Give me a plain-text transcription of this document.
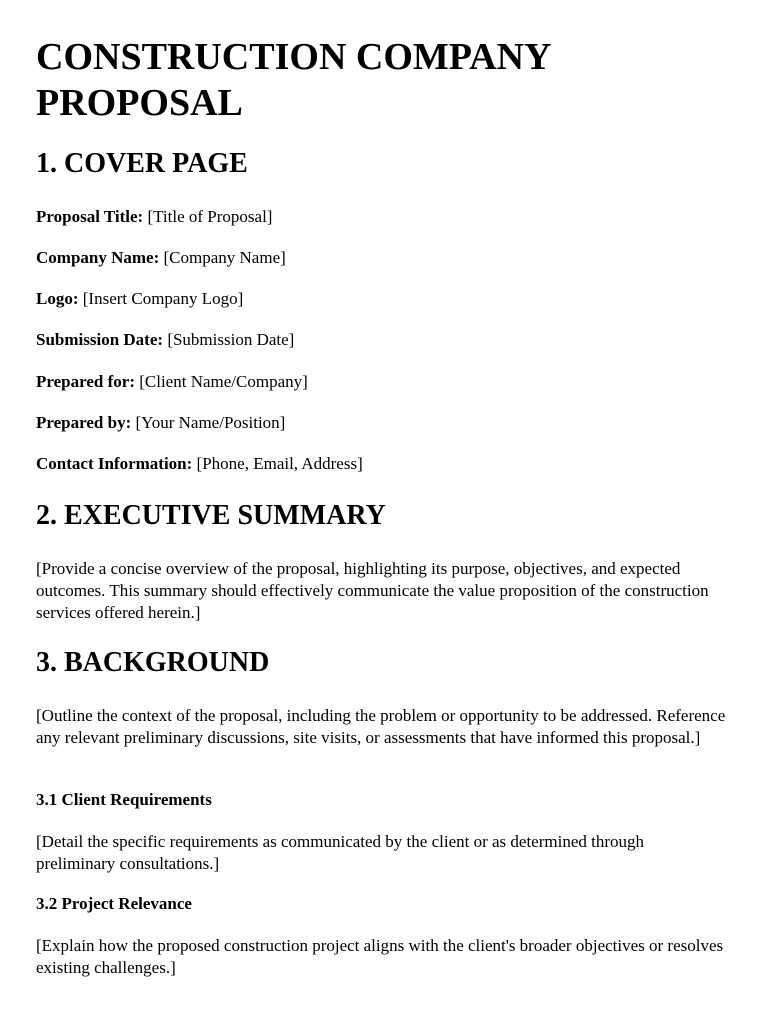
CONSTRUCTION COMPANY PROPOSAL
1. COVER PAGE
Proposal Title: [Title of Proposal]
Company Name: [Company Name]
Logo: [Insert Company Logo]
Submission Date: [Submission Date]
Prepared for: [Client Name/Company]
Prepared by: [Your Name/Position]
Contact Information: [Phone, Email, Address]
2. EXECUTIVE SUMMARY

[Provide a concise overview of the proposal, highlighting its purpose, objectives, and expected outcomes. This summary should effectively communicate the value proposition of the construction services offered herein.]

3. BACKGROUND

[Outline the context of the proposal, including the problem or opportunity to be addressed. Reference any relevant preliminary discussions, site visits, or assessments that have informed this proposal.]

3.1 Client Requirements

[Detail the specific requirements as communicated by the client or as determined through preliminary consultations.]

3.2 Project Relevance

[Explain how the proposed construction project aligns with the client's broader objectives or resolves existing challenges.]
